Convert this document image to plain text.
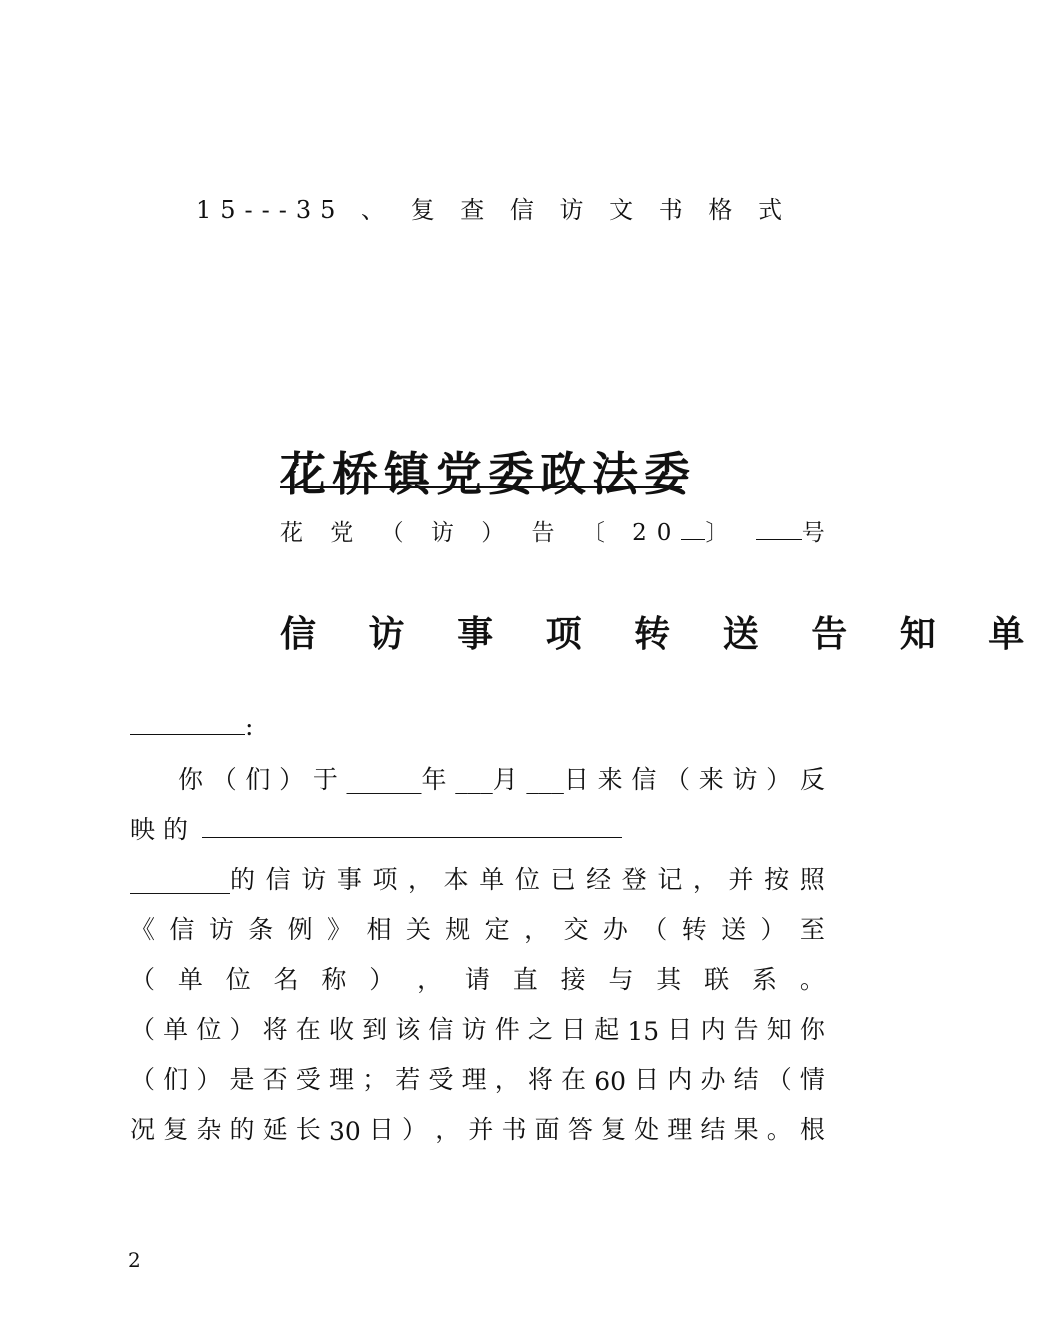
15---35 、 复 查 信 访 文 书 格 式
花桥镇党委政法委
花 党 （ 访 ） 告 〔 20 〕	号
信 访 事 项 转 送 告 知 单
:
你 （ 们 ） 于 ______年 ___月 ___日 来 信 （ 来 访 ） 反
映 的
________的 信 访 事 项 ， 本 单 位 已 经 登 记 ， 并 按 照
《 信 访 条 例 》 相 关 规 定 ， 交 办 （ 转 送 ） 至
（ 单 位 名 称 ） ， 请 直 接 与 其 联 系 。
（ 单 位 ） 将 在 收 到 该 信 访 件 之 日 起 15 日 内 告 知 你
（ 们 ） 是 否 受 理 ； 若 受 理 ， 将 在 60 日 内 办 结 （ 情
况 复 杂 的 延 长 30 日 ） ， 并 书 面 答 复 处 理 结 果 。 根
2
